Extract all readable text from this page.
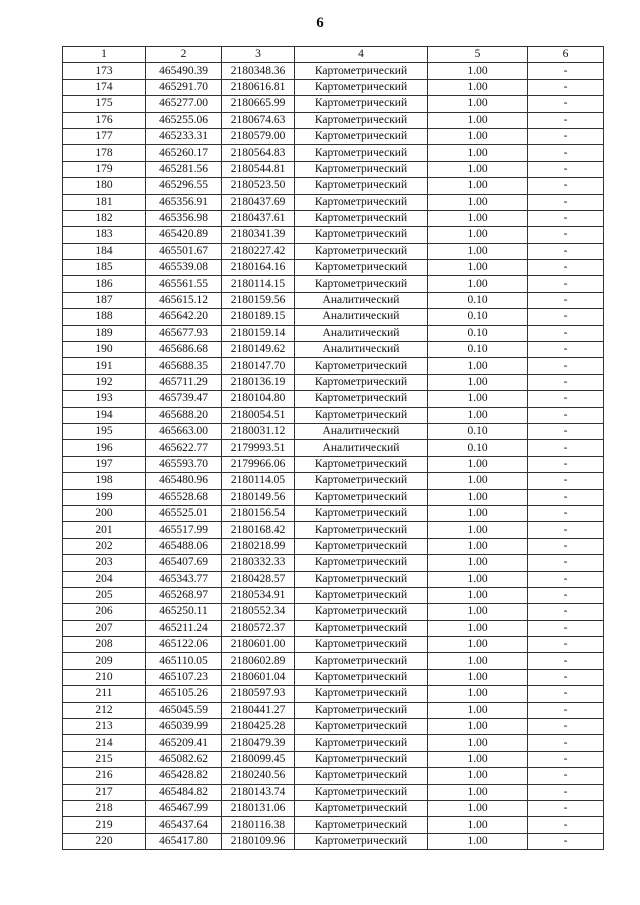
6
1	2	3	4	5	6
173	465490.39	2180348.36	Картометрический	1.00	-
174	465291.70	2180616.81	Картометрический	1.00	-
175	465277.00	2180665.99	Картометрический	1.00	-
176	465255.06	2180674.63	Картометрический	1.00	-
177	465233.31	2180579.00	Картометрический	1.00	-
178	465260.17	2180564.83	Картометрический	1.00	-
179	465281.56	2180544.81	Картометрический	1.00	-
180	465296.55	2180523.50	Картометрический	1.00	-
181	465356.91	2180437.69	Картометрический	1.00	-
182	465356.98	2180437.61	Картометрический	1.00	-
183	465420.89	2180341.39	Картометрический	1.00	-
184	465501.67	2180227.42	Картометрический	1.00	-
185	465539.08	2180164.16	Картометрический	1.00	-
186	465561.55	2180114.15	Картометрический	1.00	-
187	465615.12	2180159.56	Аналитический	0.10	-
188	465642.20	2180189.15	Аналитический	0.10	-
189	465677.93	2180159.14	Аналитический	0.10	-
190	465686.68	2180149.62	Аналитический	0.10	-
191	465688.35	2180147.70	Картометрический	1.00	-
192	465711.29	2180136.19	Картометрический	1.00	-
193	465739.47	2180104.80	Картометрический	1.00	-
194	465688.20	2180054.51	Картометрический	1.00	-
195	465663.00	2180031.12	Аналитический	0.10	-
196	465622.77	2179993.51	Аналитический	0.10	-
197	465593.70	2179966.06	Картометрический	1.00	-
198	465480.96	2180114.05	Картометрический	1.00	-
199	465528.68	2180149.56	Картометрический	1.00	-
200	465525.01	2180156.54	Картометрический	1.00	-
201	465517.99	2180168.42	Картометрический	1.00	-
202	465488.06	2180218.99	Картометрический	1.00	-
203	465407.69	2180332.33	Картометрический	1.00	-
204	465343.77	2180428.57	Картометрический	1.00	-
205	465268.97	2180534.91	Картометрический	1.00	-
206	465250.11	2180552.34	Картометрический	1.00	-
207	465211.24	2180572.37	Картометрический	1.00	-
208	465122.06	2180601.00	Картометрический	1.00	-
209	465110.05	2180602.89	Картометрический	1.00	-
210	465107.23	2180601.04	Картометрический	1.00	-
211	465105.26	2180597.93	Картометрический	1.00	-
212	465045.59	2180441.27	Картометрический	1.00	-
213	465039.99	2180425.28	Картометрический	1.00	-
214	465209.41	2180479.39	Картометрический	1.00	-
215	465082.62	2180099.45	Картометрический	1.00	-
216	465428.82	2180240.56	Картометрический	1.00	-
217	465484.82	2180143.74	Картометрический	1.00	-
218	465467.99	2180131.06	Картометрический	1.00	-
219	465437.64	2180116.38	Картометрический	1.00	-
220	465417.80	2180109.96	Картометрический	1.00	-
